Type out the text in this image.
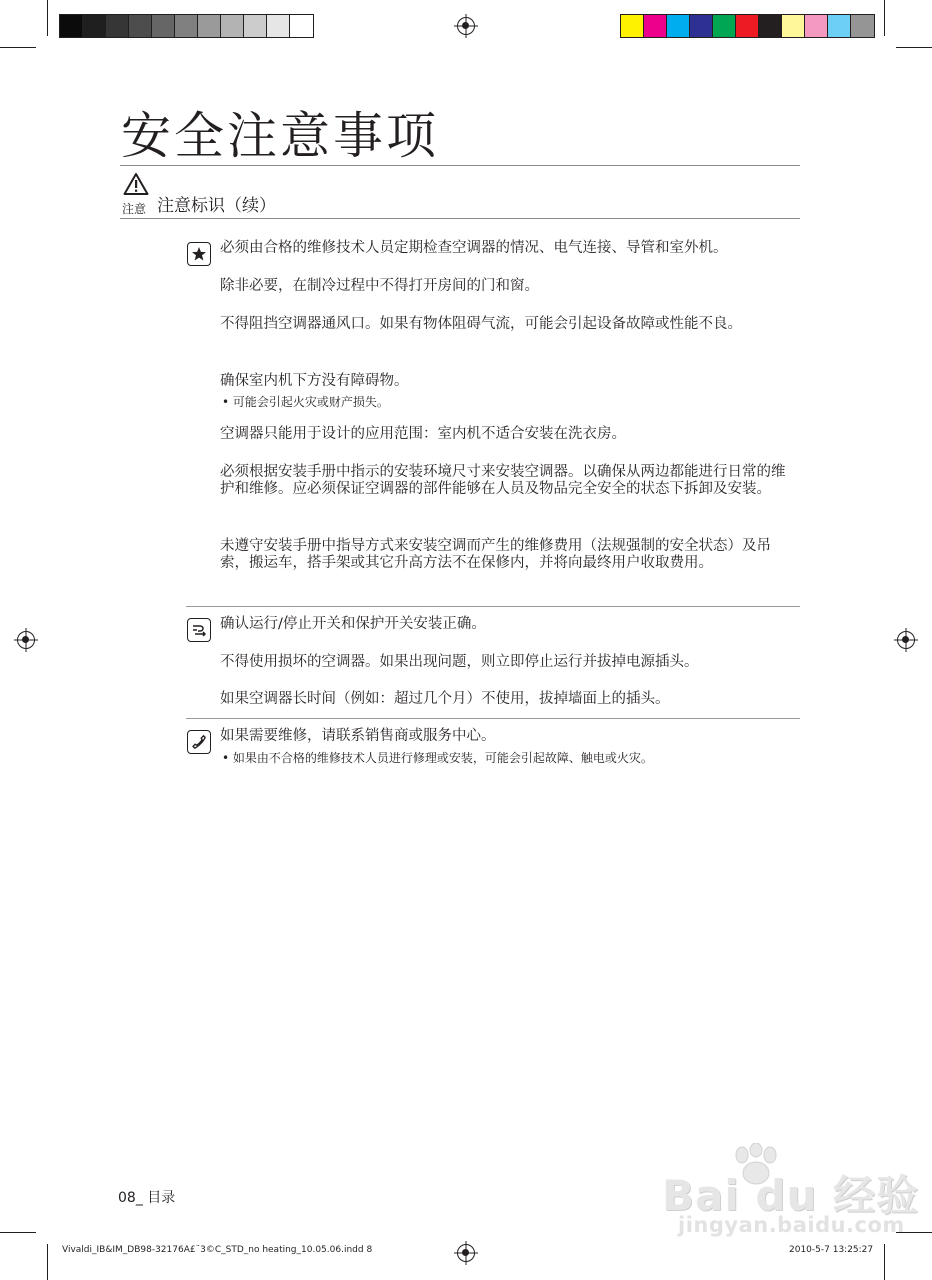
安全注意事项
注意 注意标识（续）

必须由合格的维修技术人员定期检查空调器的情况、电气连接、导管和室外机。

除非必要，在制冷过程中不得打开房间的门和窗。

不得阻挡空调器通风口。如果有物体阻碍气流，可能会引起设备故障或性能不良。

确保室内机下方没有障碍物。

• 可能会引起火灾或财产损失。

空调器只能用于设计的应用范围：室内机不适合安装在洗衣房。

必须根据安装手册中指示的安装环境尺寸来安装空调器。以确保从两边都能进行日常的维护和维修。应必须保证空调器的部件能够在人员及物品完全安全的状态下拆卸及安装。

未遵守安装手册中指导方式来安装空调而产生的维修费用（法规强制的安全状态）及吊索，搬运车，搭手架或其它升高方法不在保修内，并将向最终用户收取费用。

确认运行/停止开关和保护开关安装正确。

不得使用损坏的空调器。如果出现问题，则立即停止运行并拔掉电源插头。

如果空调器长时间（例如：超过几个月）不使用，拔掉墙面上的插头。

如果需要维修，请联系销售商或服务中心。

• 如果由不合格的维修技术人员进行修理或安装，可能会引起故障、触电或火灾。
08_ 目录
Vivaldi_IB&IM_DB98-32176A£¨3©C_STD_no heating_10.05.06.indd 8	2010-5-7 13:25:27
Bai du 经验
jingyan.baidu.com
